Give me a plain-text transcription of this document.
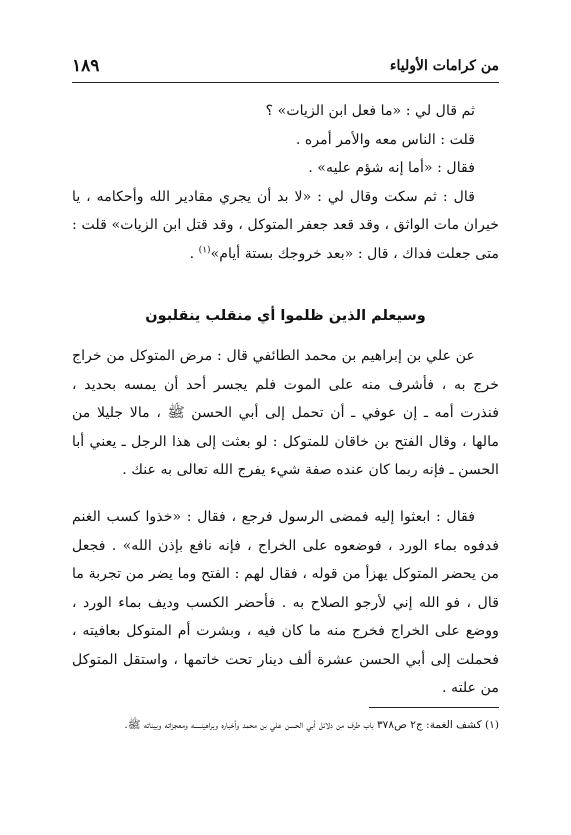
من كرامات الأولياء
١٨٩

ثم قال لي : «ما فعل ابن الزيات» ؟

قلت : الناس معه والأمر أمره .

فقال : «أما إنه شؤم عليه» .

قال : ثم سكت وقال لي : «لا بد أن يجري مقادير الله وأحكامه ، يا خيران مات الواثق ، وقد قعد جعفر المتوكل ، وقد قتل ابن الزيات» قلت : متى جعلت فداك ، قال : «بعد خروجك بستة أيام»$^{(١)}$ .

وسيعلم الذين ظلموا أي منقلب ينقلبون

عن علي بن إبراهيم بن محمد الطائفي قال : مرض المتوكل من خراج خرج به ، فأشرف منه على الموت فلم يجسر أحد أن يمسه بحديد ، فنذرت أمه ـ إن عوفي ـ أن تحمل إلى أبي الحسن ﷺ ، مالا جليلا من مالها ، وقال الفتح بن خاقان للمتوكل : لو بعثت إلى هذا الرجل ـ يعني أبا الحسن ـ فإنه ربما كان عنده صفة شيء يفرج الله تعالى به عنك .

فقال : ابعثوا إليه فمضى الرسول فرجع ، فقال : «خذوا كسب الغنم فدفوه بماء الورد ، فوضعوه على الخراج ، فإنه نافع بإذن الله» . فجعل من يحضر المتوكل يهزأ من قوله ، فقال لهم : الفتح وما يضر من تجربة ما قال ، فو الله إني لأرجو الصلاح به . فأحضر الكسب وديف بماء الورد ، ووضع على الخراج فخرج منه ما كان فيه ، وبشرت أم المتوكل بعافيته ، فحملت إلى أبي الحسن عشرة ألف دينار تحت خاتمها ، واستقل المتوكل من علته .

(١) كشف الغمة: ج٢ ص٣٧٨ باب طرف من دلائل أبي الحسن علي بن محمد وأخباره وبراهينـــــه ومعجزاته وبيناته ﷺ.
